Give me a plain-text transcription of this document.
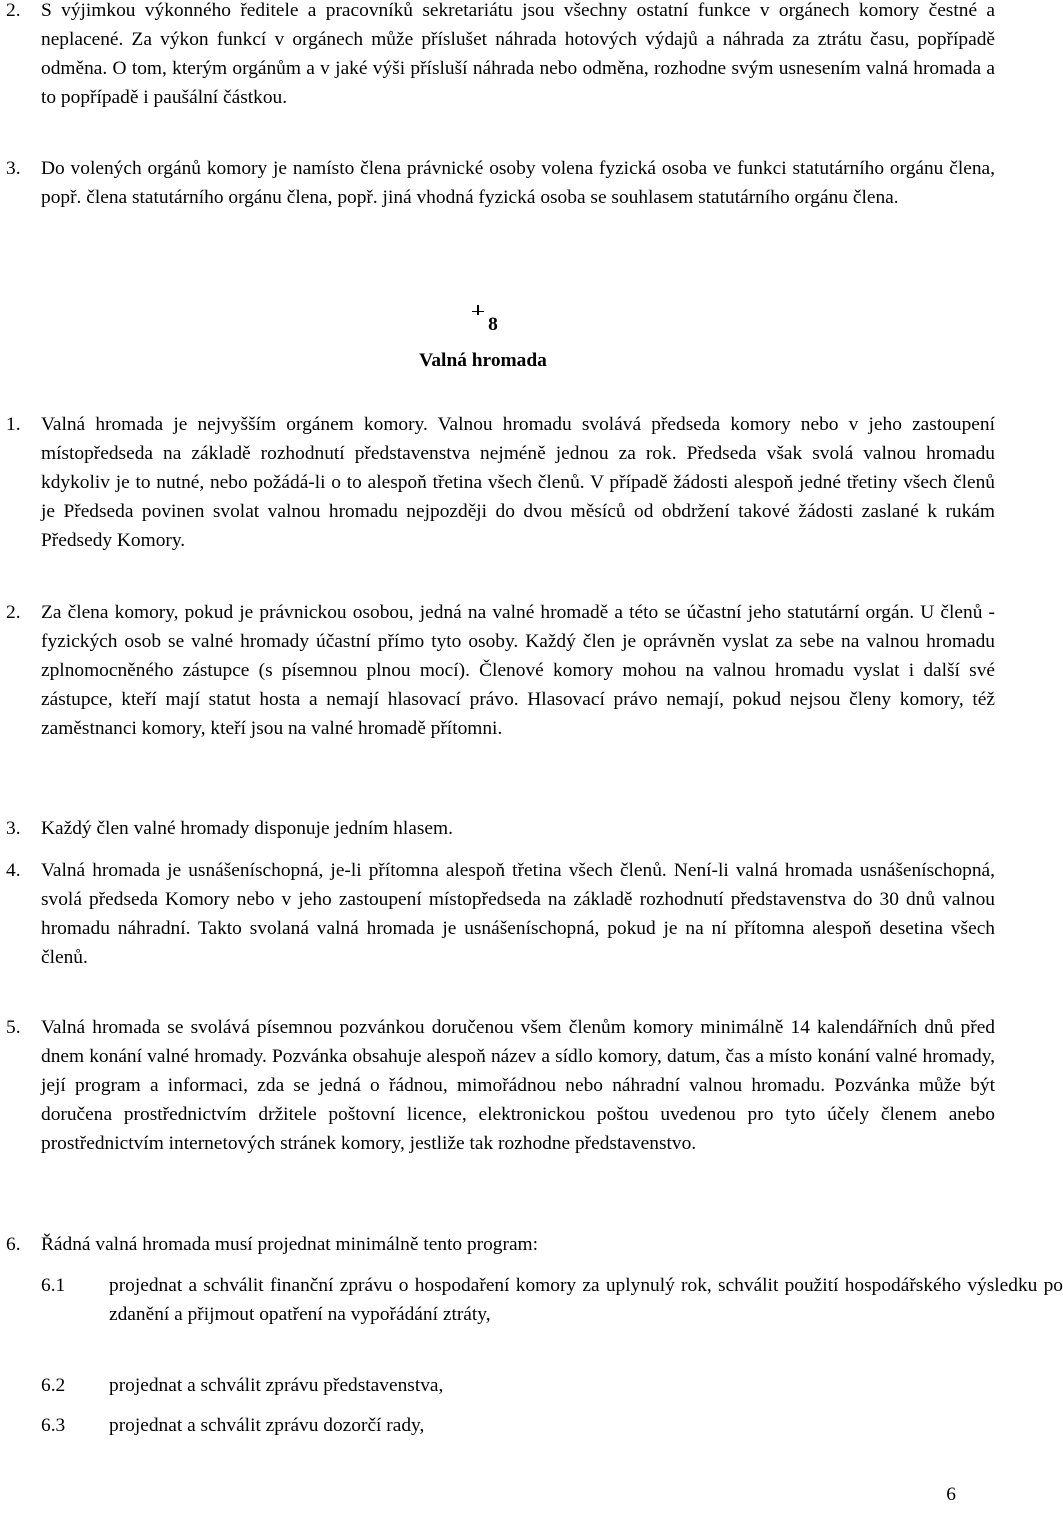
2. S výjimkou výkonného ředitele a pracovníků sekretariátu jsou všechny ostatní funkce v orgánech komory čestné a neplacené. Za výkon funkcí v orgánech může příslušet náhrada hotových výdajů a náhrada za ztrátu času, popřípadě odměna. O tom, kterým orgánům a v jaké výši přísluší náhrada nebo odměna, rozhodne svým usnesením valná hromada a to popřípadě i paušální částkou.

3. Do volených orgánů komory je namísto člena právnické osoby volena fyzická osoba ve funkci statutárního orgánu člena, popř. člena statutárního orgánu člena, popř. jiná vhodná fyzická osoba se souhlasem statutárního orgánu člena.

8

Valná hromada

1. Valná hromada je nejvyšším orgánem komory. Valnou hromadu svolává předseda komory nebo v jeho zastoupení místopředseda na základě rozhodnutí představenstva nejméně jednou za rok. Předseda však svolá valnou hromadu kdykoliv je to nutné, nebo požádá-li o to alespoň třetina všech členů. V případě žádosti alespoň jedné třetiny všech členů je Předseda povinen svolat valnou hromadu nejpozději do dvou měsíců od obdržení takové žádosti zaslané k rukám Předsedy Komory.

2. Za člena komory, pokud je právnickou osobou, jedná na valné hromadě a této se účastní jeho statutární orgán. U členů - fyzických osob se valné hromady účastní přímo tyto osoby. Každý člen je oprávněn vyslat za sebe na valnou hromadu zplnomocněného zástupce (s písemnou plnou mocí). Členové komory mohou na valnou hromadu vyslat i další své zástupce, kteří mají statut hosta a nemají hlasovací právo. Hlasovací právo nemají, pokud nejsou členy komory, též zaměstnanci komory, kteří jsou na valné hromadě přítomni.

3. Každý člen valné hromady disponuje jedním hlasem.

4. Valná hromada je usnášeníschopná, je-li přítomna alespoň třetina všech členů. Není-li valná hromada usnášeníschopná, svolá předseda Komory nebo v jeho zastoupení místopředseda na základě rozhodnutí představenstva do 30 dnů valnou hromadu náhradní. Takto svolaná valná hromada je usnášeníschopná, pokud je na ní přítomna alespoň desetina všech členů.

5. Valná hromada se svolává písemnou pozvánkou doručenou všem členům komory minimálně 14 kalendářních dnů před dnem konání valné hromady. Pozvánka obsahuje alespoň název a sídlo komory, datum, čas a místo konání valné hromady, její program a informaci, zda se jedná o řádnou, mimořádnou nebo náhradní valnou hromadu. Pozvánka může být doručena prostřednictvím držitele poštovní licence, elektronickou poštou uvedenou pro tyto účely členem anebo prostřednictvím internetových stránek komory, jestliže tak rozhodne představenstvo.

6. Řádná valná hromada musí projednat minimálně tento program:

6.1 projednat a schválit finanční zprávu o hospodaření komory za uplynulý rok, schválit použití hospodářského výsledku po zdanění a přijmout opatření na vypořádání ztráty,

6.2 projednat a schválit zprávu představenstva,

6.3 projednat a schválit zprávu dozorčí rady,

6
